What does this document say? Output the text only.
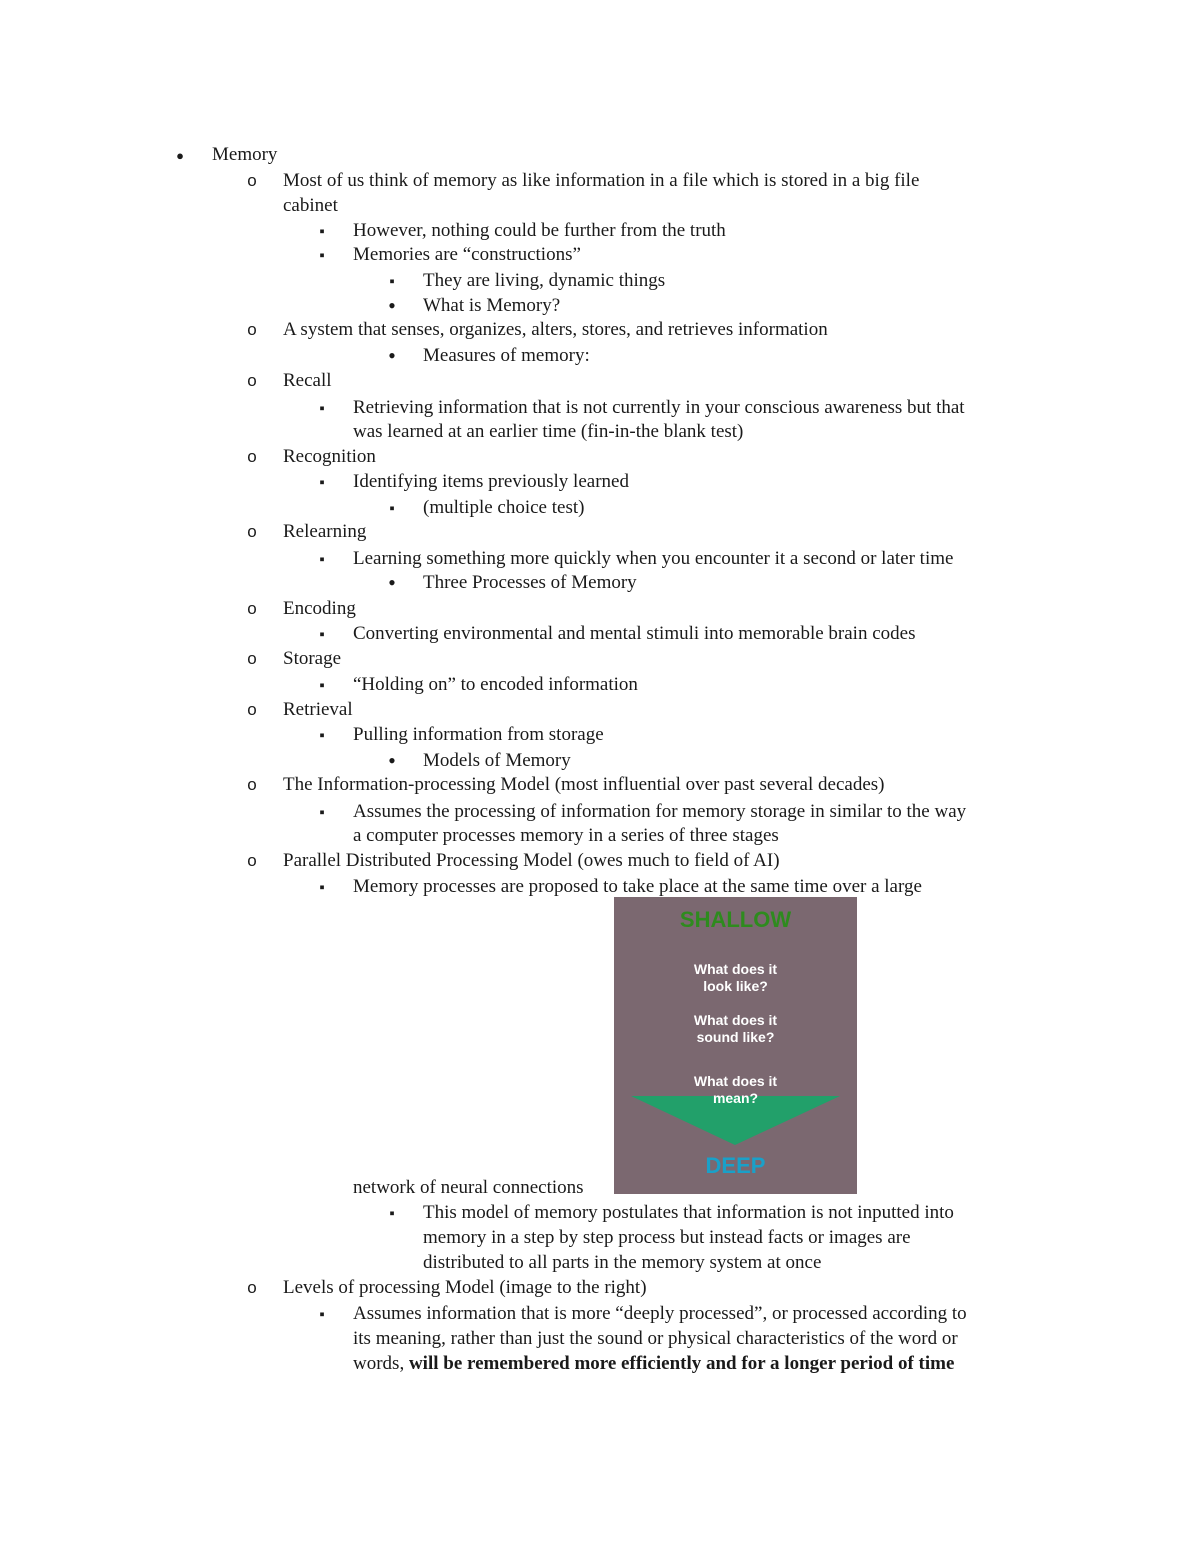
●
Memory
o
Most of us think of memory as like information in a file which is stored in a big file
cabinet
▪
However, nothing could be further from the truth
▪
Memories are “constructions”
▪
They are living, dynamic things
•
What is Memory?
o
A system that senses, organizes, alters, stores, and retrieves information
•
Measures of memory:
o
Recall
▪
Retrieving information that is not currently in your conscious awareness but that
was learned at an earlier time (fin-in-the blank test)
o
Recognition
▪
Identifying items previously learned
▪
(multiple choice test)
o
Relearning
▪
Learning something more quickly when you encounter it a second or later time
•
Three Processes of Memory
o
Encoding
▪
Converting environmental and mental stimuli into memorable brain codes
o
Storage
▪
“Holding on” to encoded information
o
Retrieval
▪
Pulling information from storage
•
Models of Memory
o
The Information-processing Model (most influential over past several decades)
▪
Assumes the processing of information for memory storage in similar to the way
a computer processes memory in a series of three stages
o
Parallel Distributed Processing Model (owes much to field of AI)
▪
Memory processes are proposed to take place at the same time over a large
SHALLOW
What does it
look like?
What does it
sound like?
What does it
mean?
DEEP
network of neural connections
▪
This model of memory postulates that information is not inputted into
memory in a step by step process but instead facts or images are
distributed to all parts in the memory system at once
o
Levels of processing Model (image to the right)
▪
Assumes information that is more “deeply processed”, or processed according to
its meaning, rather than just the sound or physical characteristics of the word or
words, will be remembered more efficiently and for a longer period of time
